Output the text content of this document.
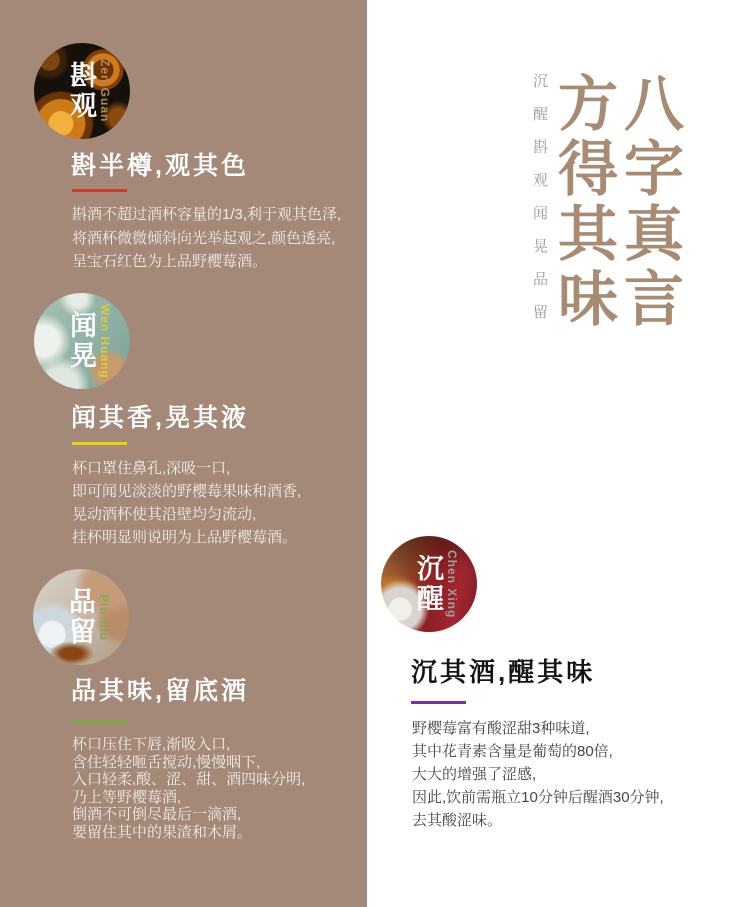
斟观 Zen Guan
斟半樽,观其色
斟酒不超过酒杯容量的1/3,利于观其色泽,
将酒杯微微倾斜向光举起观之,颜色透亮,
呈宝石红色为上品野樱莓酒。
闻晃 Wen Huang
闻其香,晃其液
杯口罩住鼻孔,深吸一口,
即可闻见淡淡的野樱莓果味和酒香,
晃动酒杯使其沿壁均匀流动,
挂杯明显则说明为上品野樱莓酒。
品留 Pin Liu
品其味,留底酒
杯口压住下唇,渐吸入口,
含住轻轻咂舌搅动,慢慢咽下,
入口轻柔,酸、涩、甜、酒四味分明,
乃上等野樱莓酒,
倒酒不可倒尽最后一滴酒,
要留住其中的果渣和木屑。
沉醒斟观闻晃品留 八字真言
方得其味
沉醒 Chen Xing
沉其酒,醒其味
野樱莓富有酸涩甜3种味道,
其中花青素含量是葡萄的80倍,
大大的增强了涩感,
因此,饮前需瓶立10分钟后醒酒30分钟,
去其酸涩味。
